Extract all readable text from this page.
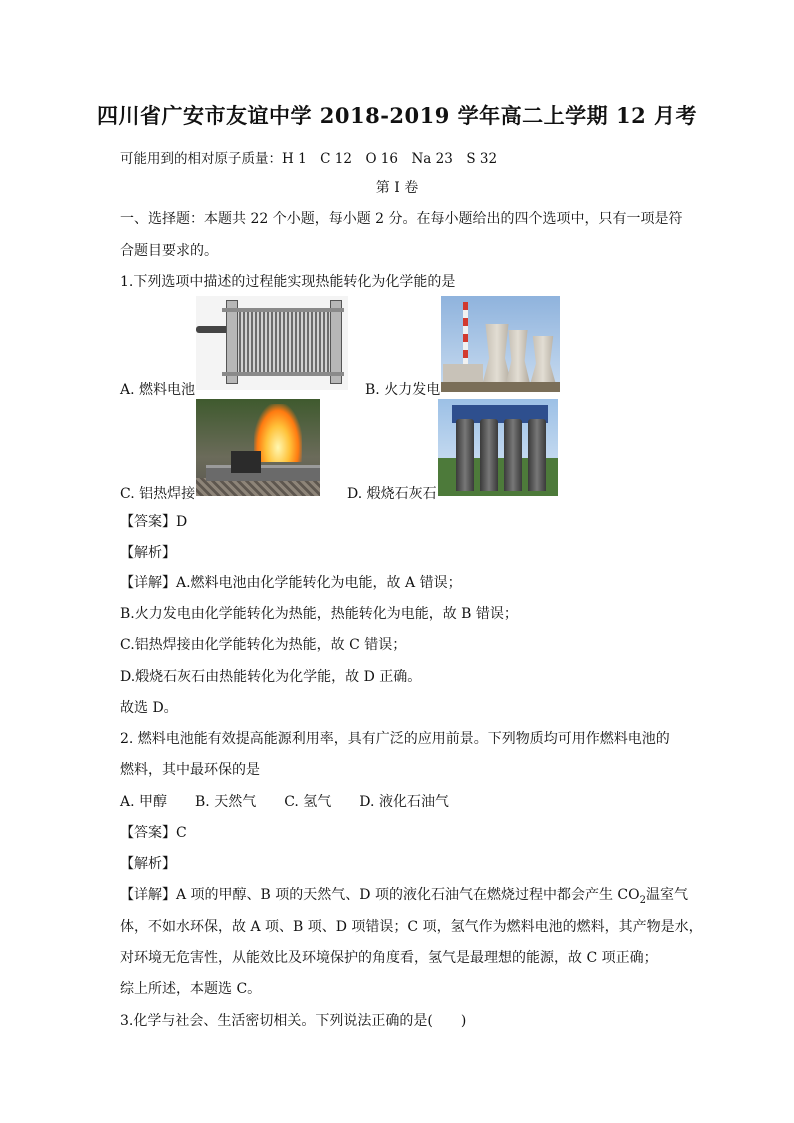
四川省广安市友谊中学 2018-2019 学年高二上学期 12 月考
可能用到的相对原子质量：H 1　C 12　O 16　Na 23　S 32
第 I 卷
一、选择题：本题共 22 个小题，每小题 2 分。在每小题给出的四个选项中，只有一项是符
合题目要求的。
1.下列选项中描述的过程能实现热能转化为化学能的是
A. 燃料电池	B. 火力发电
C. 铝热焊接	D. 煅烧石灰石
【答案】D
【解析】
【详解】A.燃料电池由化学能转化为电能，故 A 错误；
B.火力发电由化学能转化为热能，热能转化为电能，故 B 错误；
C.铝热焊接由化学能转化为热能，故 C 错误；
D.煅烧石灰石由热能转化为化学能，故 D 正确。
故选 D。
2. 燃料电池能有效提高能源利用率，具有广泛的应用前景。下列物质均可用作燃料电池的
燃料，其中最环保的是
A. 甲醇　　B. 天然气　　C. 氢气　　D. 液化石油气
【答案】C
【解析】
【详解】A 项的甲醇、B 项的天然气、D 项的液化石油气在燃烧过程中都会产生 $CO_2$温室气
体，不如水环保，故 A 项、B 项、D 项错误；C 项，氢气作为燃料电池的燃料，其产物是水，
对环境无危害性，从能效比及环境保护的角度看，氢气是最理想的能源，故 C 项正确；
综上所述，本题选 C。
3.化学与社会、生活密切相关。下列说法正确的是(　　)
